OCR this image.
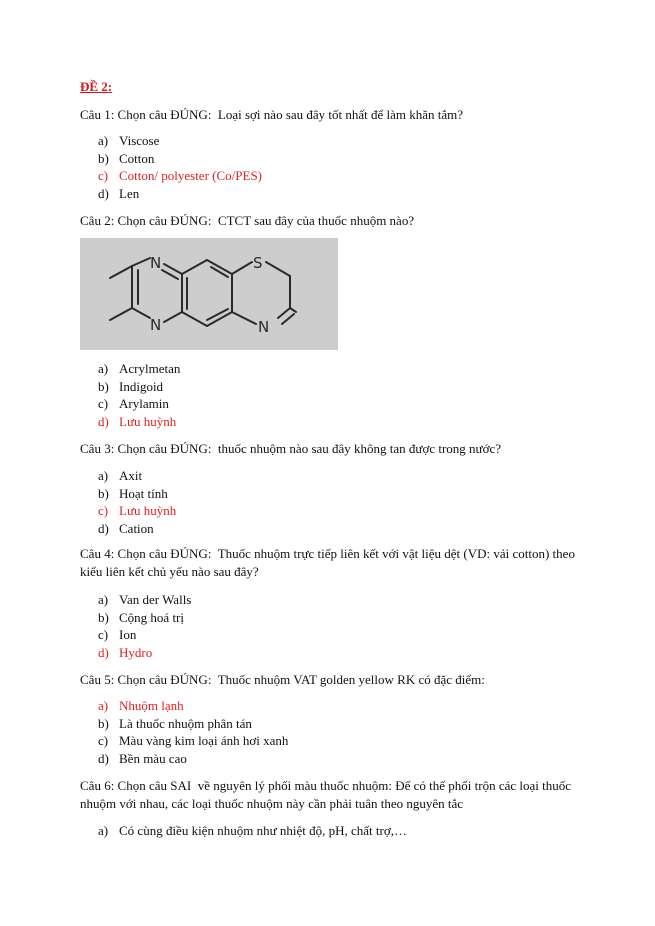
ĐỀ 2:
Câu 1: Chọn câu ĐÚNG:  Loại sợi nào sau đây tốt nhất để làm khăn tắm?
a) Viscose
b) Cotton
c) Cotton/ polyester (Co/PES)
d) Len
Câu 2: Chọn câu ĐÚNG:  CTCT sau đây của thuốc nhuộm nào?
N
N
S
N
a) Acrylmetan
b) Indigoid
c) Arylamin
d) Lưu huỳnh
Câu 3: Chọn câu ĐÚNG:  thuốc nhuộm nào sau đây không tan được trong nước?
a) Axit
b) Hoạt tính
c) Lưu huỳnh
d) Cation
Câu 4: Chọn câu ĐÚNG:  Thuốc nhuộm trực tiếp liên kết với vật liệu dệt (VD: vải cotton) theo kiểu liên kết chủ yếu nào sau đây?
a) Van der Walls
b) Cộng hoá trị
c) Ion
d) Hydro
Câu 5: Chọn câu ĐÚNG:  Thuốc nhuộm VAT golden yellow RK có đặc điểm:
a) Nhuộm lạnh
b) Là thuốc nhuộm phân tán
c) Màu vàng kim loại ánh hơi xanh
d) Bền màu cao
Câu 6: Chọn câu SAI  về nguyên lý phối màu thuốc nhuộm: Để có thể phối trộn các loại thuốc nhuộm với nhau, các loại thuốc nhuộm này cần phải tuân theo nguyên tắc
a) Có cùng điều kiện nhuộm như nhiệt độ, pH, chất trợ,…
